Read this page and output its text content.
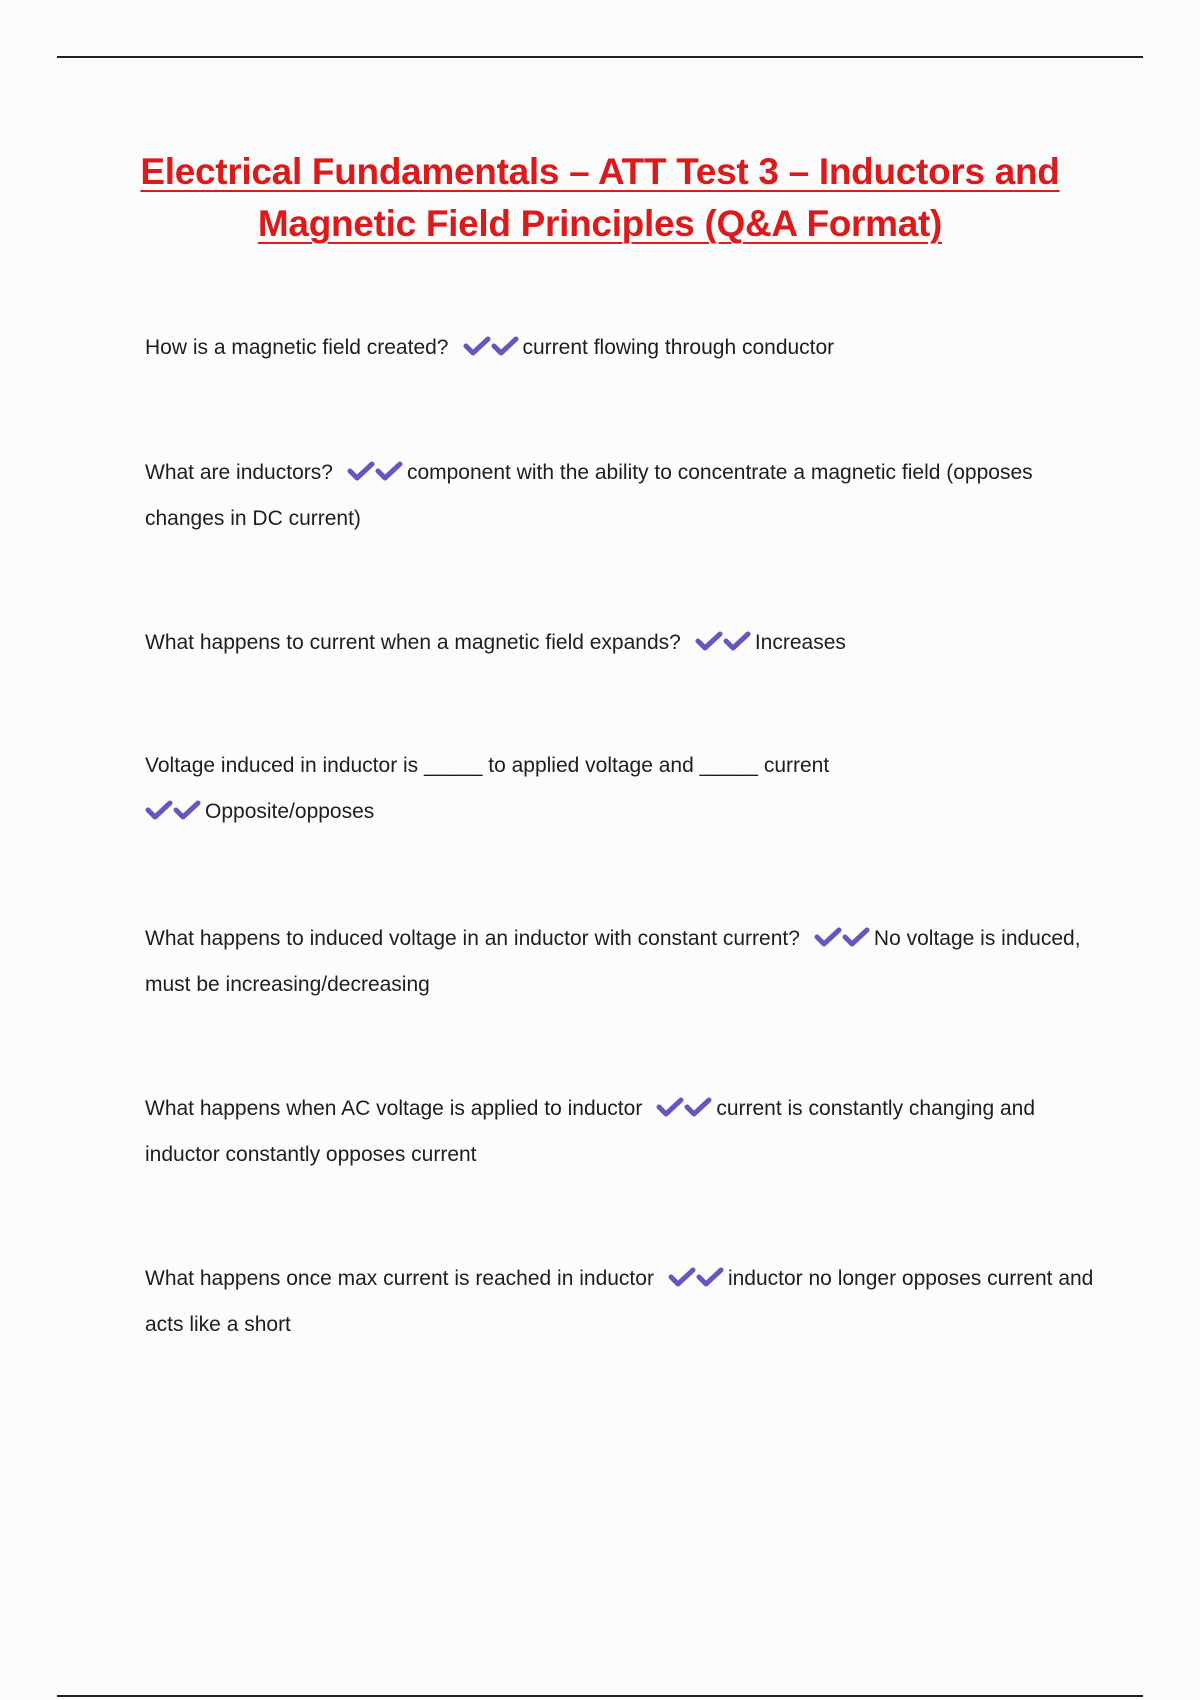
Electrical Fundamentals – ATT Test 3 – Inductors and Magnetic Field Principles (Q&A Format)
How is a magnetic field created?	current flowing through conductor
What are inductors?	component with the ability to concentrate a magnetic field (opposes changes in DC current)
What happens to current when a magnetic field expands?	Increases
Voltage induced in inductor is _____ to applied voltage and _____ current

Opposite/opposes
What happens to induced voltage in an inductor with constant current?	No voltage is induced, must be increasing/decreasing
What happens when AC voltage is applied to inductor	current is constantly changing and inductor constantly opposes current
What happens once max current is reached in inductor	inductor no longer opposes current and acts like a short
